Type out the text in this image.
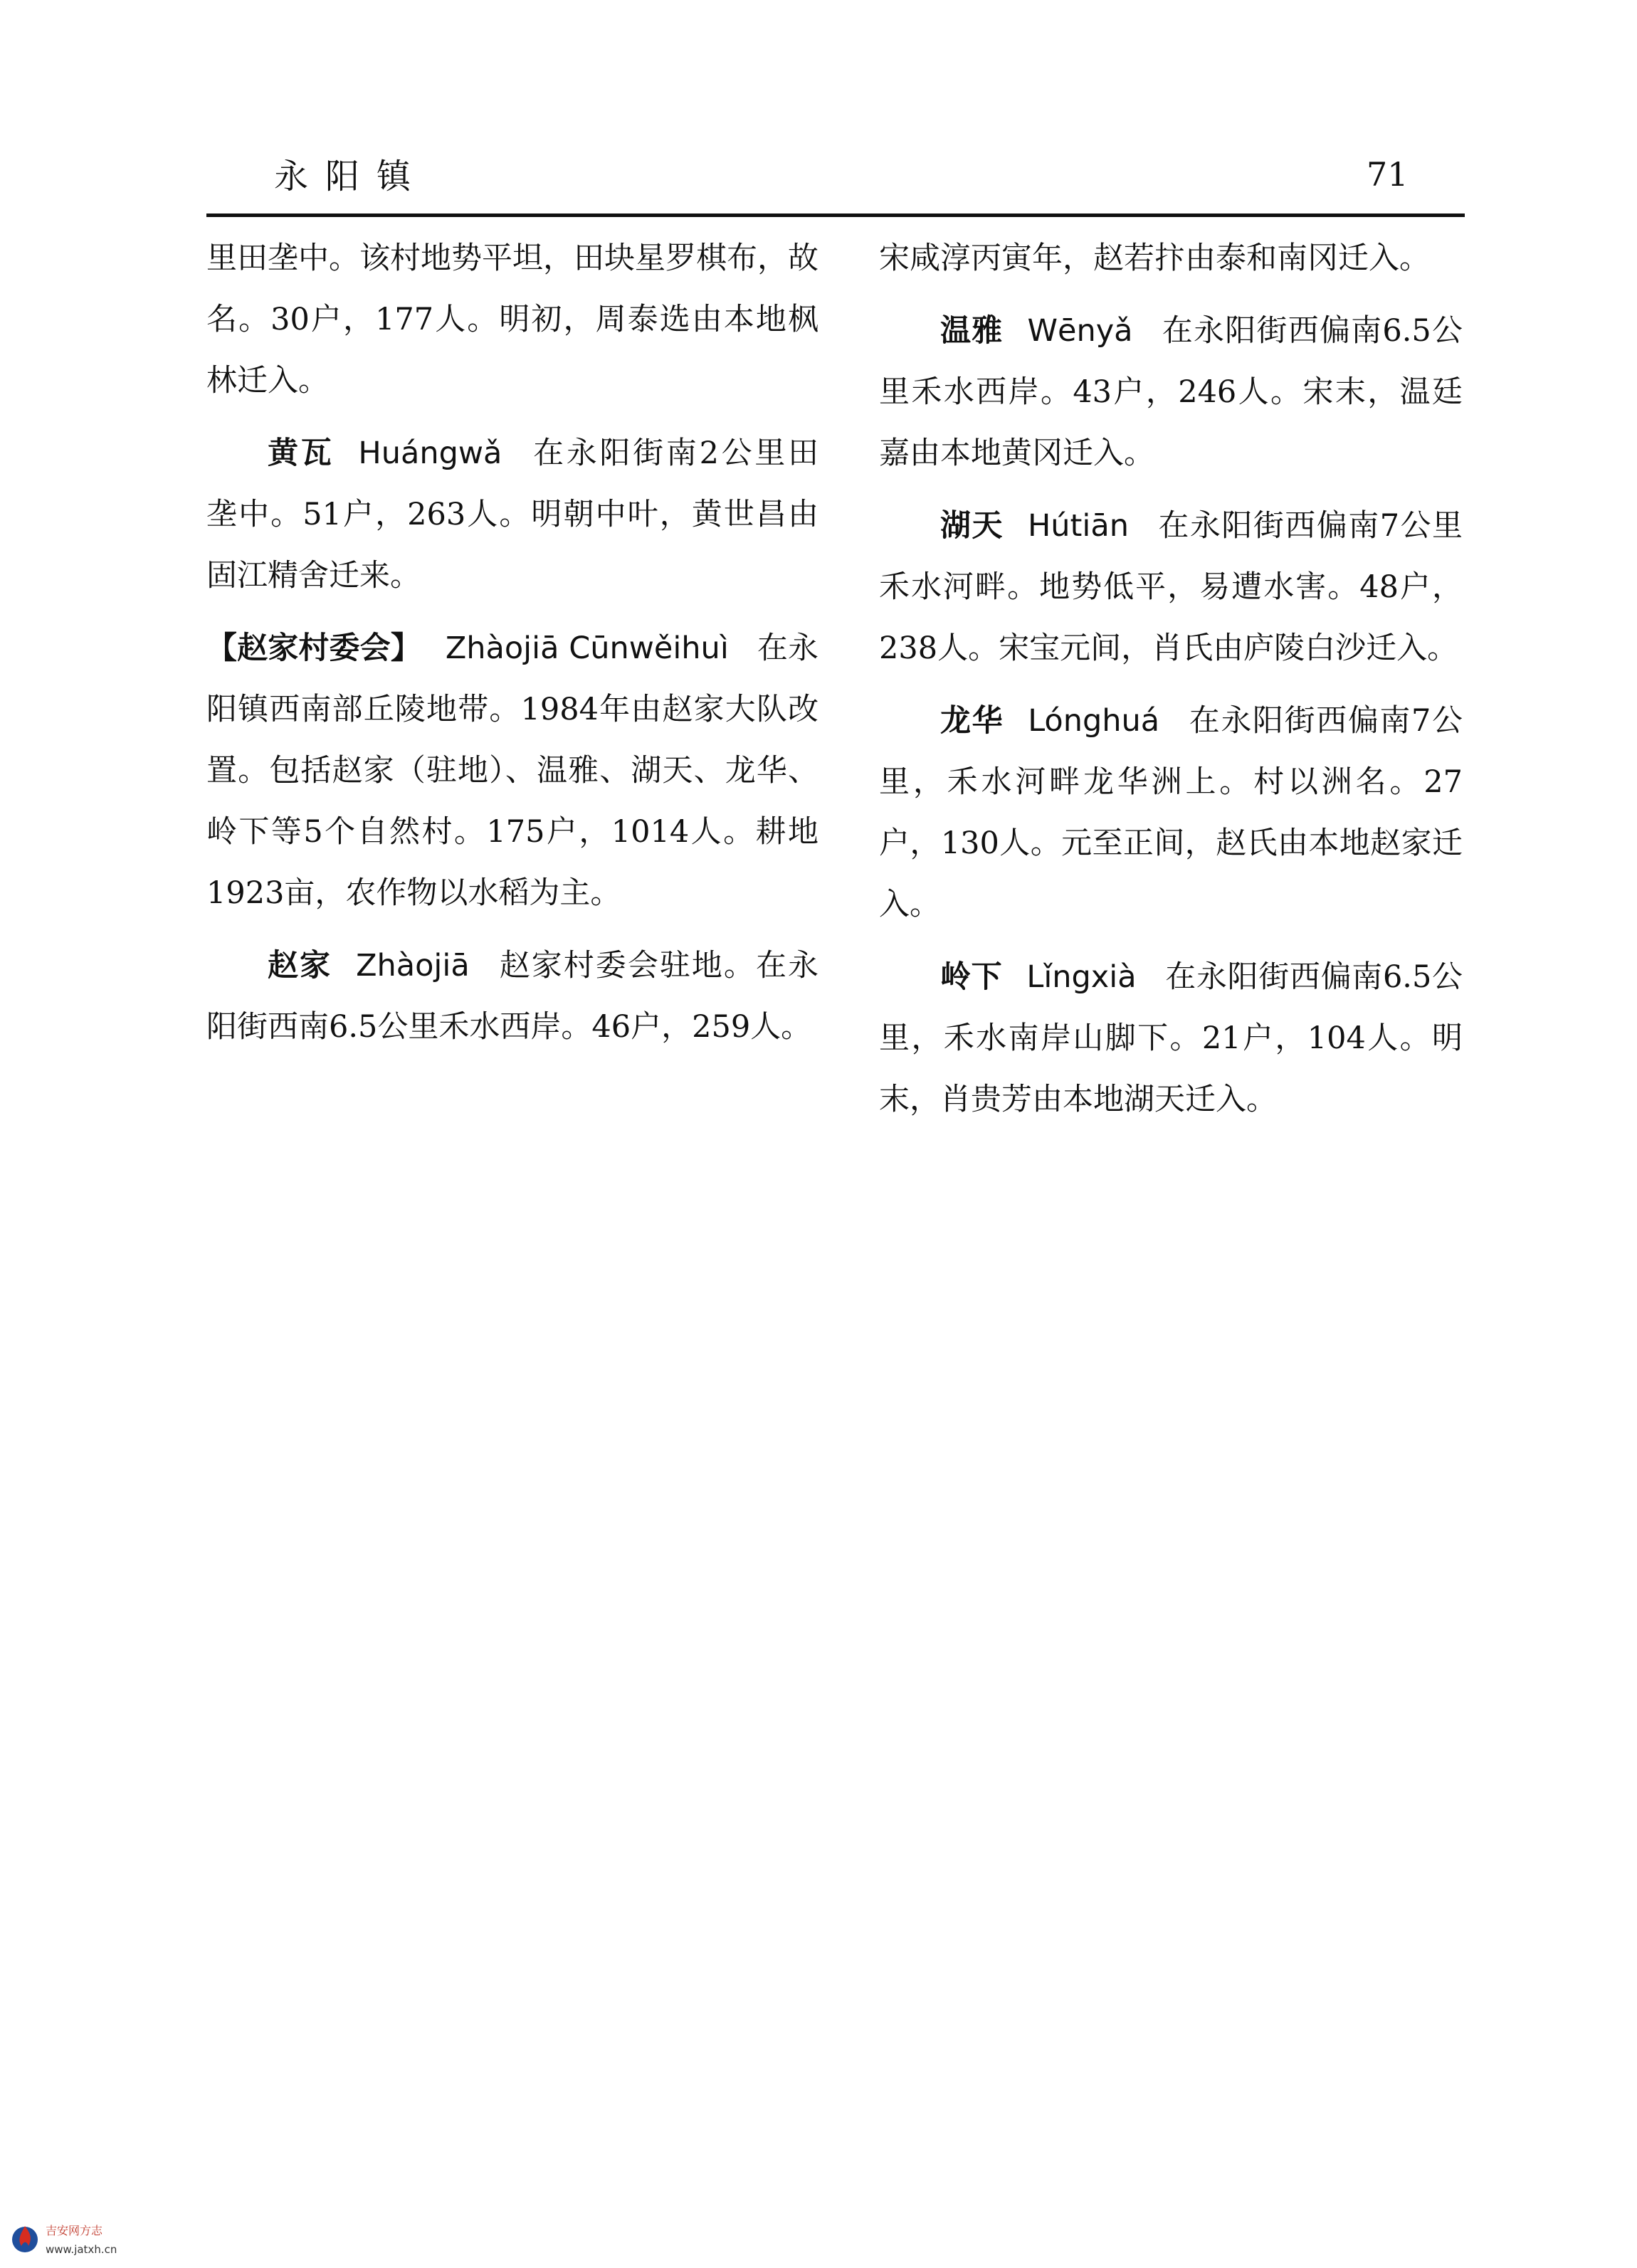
永阳镇	71

里田垄中。该村地势平坦，田块星罗棋布，故名。30户，177人。明初，周泰选由本地枫林迁入。

黄瓦 Huángwǎ 在永阳街南2公里田垄中。51户，263人。明朝中叶，黄世昌由固江精舍迁来。

【赵家村委会】 Zhàojiā Cūnwěihuì 在永阳镇西南部丘陵地带。1984年由赵家大队改置。包括赵家（驻地）、温雅、湖天、龙华、岭下等5个自然村。175户，1014人。耕地1923亩，农作物以水稻为主。

赵家 Zhàojiā 赵家村委会驻地。在永阳街西南6.5公里禾水西岸。46户，259人。

宋咸淳丙寅年，赵若抃由泰和南冈迁入。

温雅 Wēnyǎ 在永阳街西偏南6.5公里禾水西岸。43户，246人。宋末，温廷嘉由本地黄冈迁入。

湖天 Hútiān 在永阳街西偏南7公里禾水河畔。地势低平，易遭水害。48户，238人。宋宝元间，肖氏由庐陵白沙迁入。

龙华 Lónghuá 在永阳街西偏南7公里，禾水河畔龙华洲上。村以洲名。27户，130人。元至正间，赵氏由本地赵家迁入。

岭下 Lǐngxià 在永阳街西偏南6.5公里，禾水南岸山脚下。21户，104人。明末，肖贵芳由本地湖天迁入。

吉安网方志
www.jatxh.cn
